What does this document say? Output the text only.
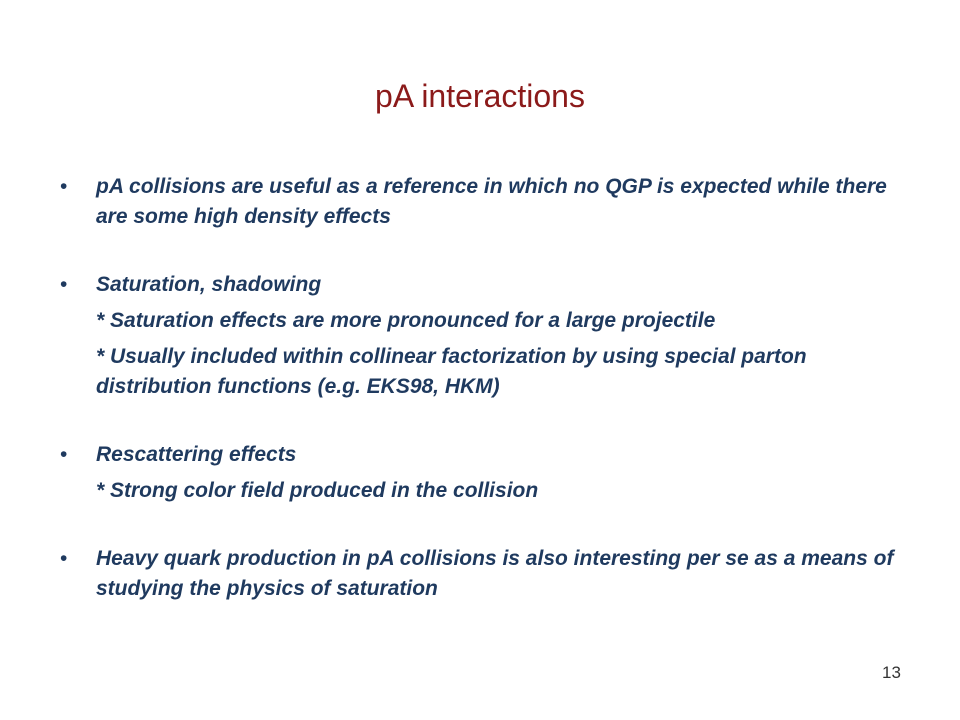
pA interactions
• pA collisions are useful as a reference in which no QGP is expected while there are some high density effects
• Saturation, shadowing
* Saturation effects are more pronounced for a large projectile
* Usually included within collinear factorization by using special parton distribution functions (e.g. EKS98, HKM)
• Rescattering effects
* Strong color field produced in the collision
• Heavy quark production in pA collisions is also interesting per se as a means of studying the physics of saturation
13
